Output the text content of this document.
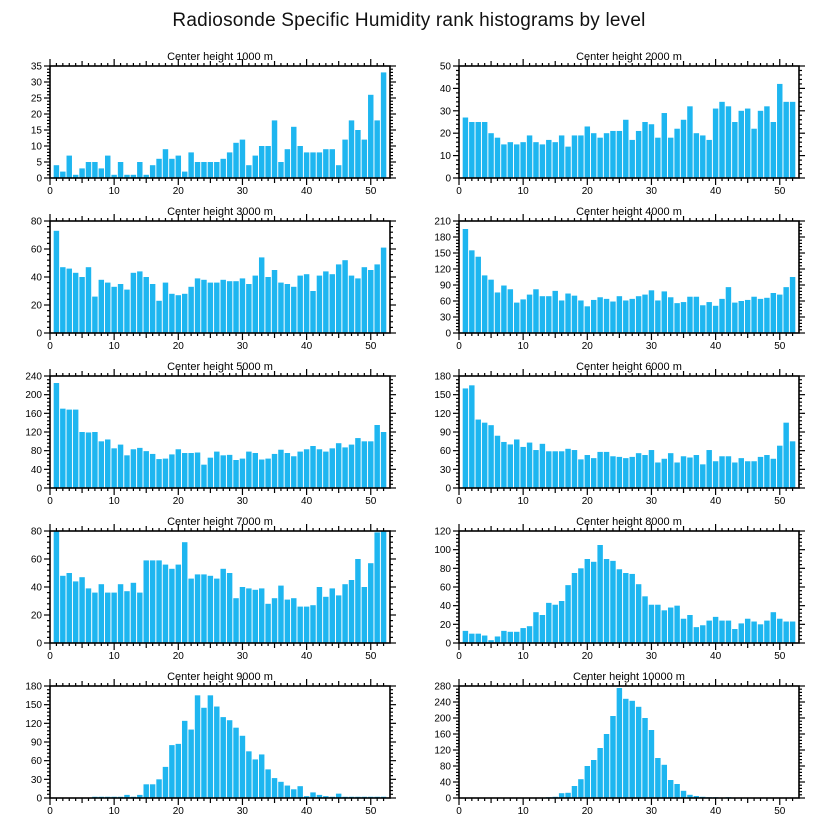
Radiosonde Specific Humidity rank histograms by level
Center height 1000 m
0	10	20	30	40	50
0
5
10
15
20
25
30
35
Center height 2000 m
0	10	20	30	40	50
0
10
20
30
40
50
Center height 3000 m
0	10	20	30	40	50
0
20
40
60
80
Center height 4000 m
0	10	20	30	40	50
0
30
60
90
120
150
180
210
Center height 5000 m
0	10	20	30	40	50
0
40
80
120
160
200
240
Center height 6000 m
0	10	20	30	40	50
0
30
60
90
120
150
180
Center height 7000 m
0	10	20	30	40	50
0
20
40
60
80
Center height 8000 m
0	10	20	30	40	50
0
20
40
60
80
100
120
Center height 9000 m
0	10	20	30	40	50
0
30
60
90
120
150
180
Center height 10000 m
0	10	20	30	40	50
0
40
80
120
160
200
240
280
